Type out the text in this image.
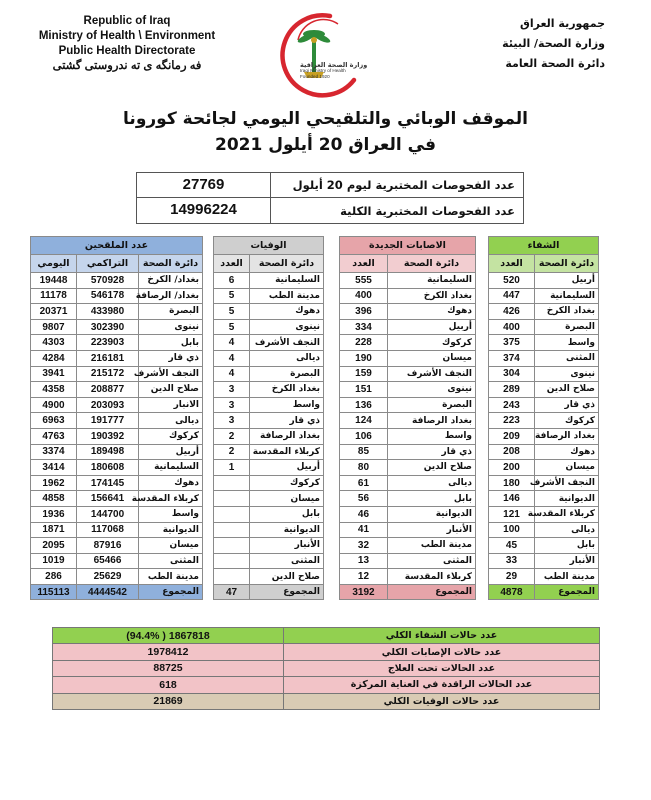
Republic of Iraq
Ministry of Health \ Environment
Public Health Directorate
فه رمانگه ى ته ندروستى گشتى	وزارة الصحة العراقية
Iraqi Ministry of Health
Founded 1920
جمهورية العراق
وزارة الصحة/ البيئة
دائرة الصحة العامة
الموقف الوبائي والتلقيحي اليومي لجائحة كورونا
في العراق 20 أيلول 2021
عدد الفحوصات المختبرية ليوم 20 أيلول
27769
عدد الفحوصات المختبرية الكلية
14996224
الشفاء	
دائرة الصحة	العدد
أربيل	520
السليمانية	447
بغداد الكرخ	426
البصرة	400
واسط	375
المثنى	374
نينوى	304
صلاح الدين	289
ذي قار	243
كركوك	223
بغداد الرصافة	209
دهوك	208
ميسان	200
النجف الأشرف	180
الديوانية	146
كربلاء المقدسة	121
ديالى	100
بابل	45
الأنبار	33
مدينة الطب	29
المجموع	4878
الاصابات الجديدة	
دائرة الصحة	العدد
السليمانية	555
بغداد الكرخ	400
دهوك	396
أربيل	334
كركوك	228
ميسان	190
النجف الأشرف	159
نينوى	151
البصرة	136
بغداد الرصافة	124
واسط	106
ذي قار	85
صلاح الدين	80
ديالى	61
بابل	56
الديوانية	46
الأنبار	41
مدينة الطب	32
المثنى	13
كربلاء المقدسة	12
المجموع	3192
الوفيات	
دائرة الصحة	العدد
السليمانية	6
مدينة الطب	5
دهوك	5
نينوى	5
النجف الأشرف	4
ديالى	4
البصرة	4
بغداد الكرخ	3
واسط	3
ذي قار	3
بغداد الرصافة	2
كربلاء المقدسة	2
أربيل	1
كركوك	
ميسان	
بابل	
الديوانية	
الأنبار	
المثنى	
صلاح الدين	
المجموع	47
عدد الملقحين		
دائرة الصحة	التراكمي	اليومي
بغداد/ الكرخ	570928	19448
بغداد/ الرصافة	546178	11178
البصرة	433980	20371
نينوى	302390	9807
بابل	223903	4303
ذي قار	216181	4284
النجف الأشرف	215172	3941
صلاح الدين	208877	4358
الانبار	203093	4900
ديالى	191777	6963
كركوك	190392	4763
أربيل	189498	3374
السليمانية	180608	3414
دهوك	174145	1962
كربلاء المقدسة	156641	4858
واسط	144700	1936
الديوانية	117068	1871
ميسان	87916	2095
المثنى	65466	1019
مدينة الطب	25629	286
المجموع	4444542	115113
عدد حالات الشفاء الكلي	1867818 ( 94.4%)
عدد حالات الإصابات الكلي	1978412
عدد الحالات تحت العلاج	88725
عدد الحالات الراقدة في العناية المركزة	618
عدد حالات الوفيات الكلي	21869
